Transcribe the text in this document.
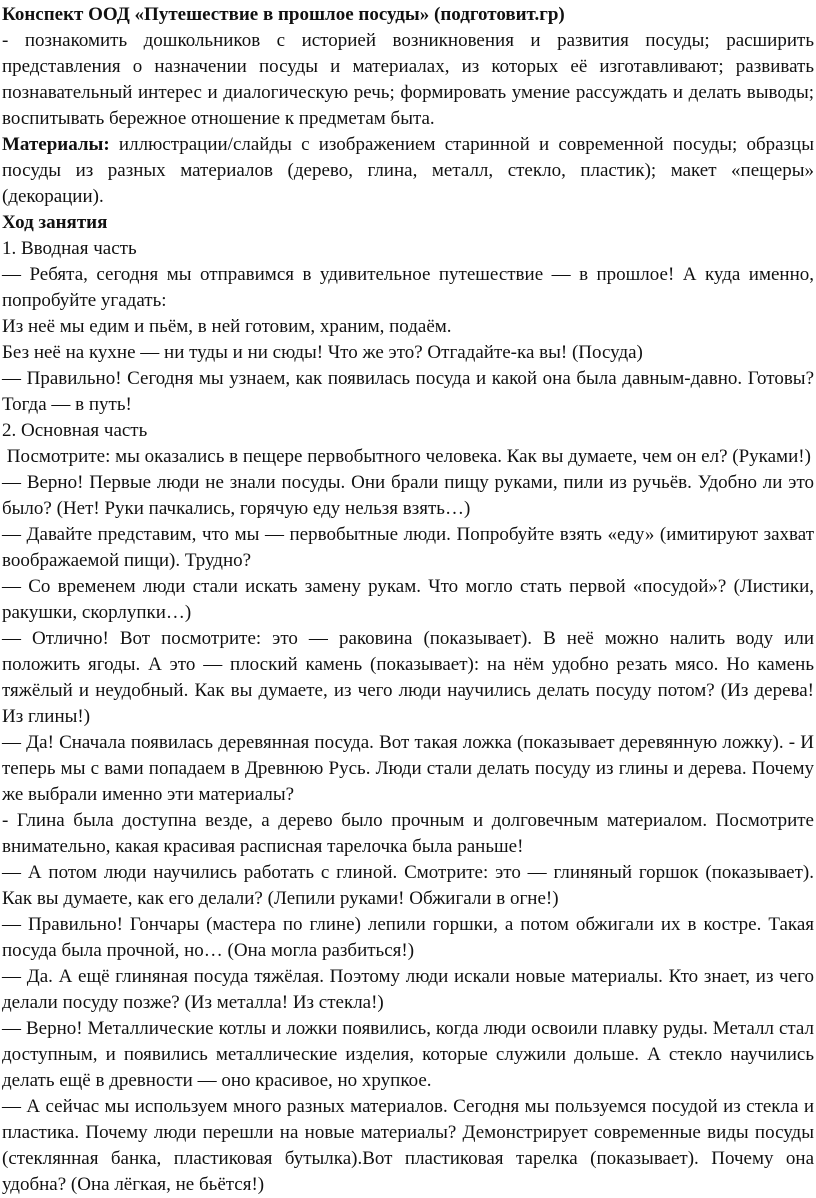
Конспект ООД «Путешествие в прошлое посуды» (подготовит.гр)

- познакомить дошкольников с историей возникновения и развития посуды; расширить представления о назначении посуды и материалах, из которых её изготавливают; развивать познавательный интерес и диалогическую речь; формировать умение рассуждать и делать выводы; воспитывать бережное отношение к предметам быта.

Материалы: иллюстрации/слайды с изображением старинной и современной посуды; образцы посуды из разных материалов (дерево, глина, металл, стекло, пластик); макет «пещеры» (декорации).

Ход занятия

1. Вводная часть

— Ребята, сегодня мы отправимся в удивительное путешествие — в прошлое! А куда именно, попробуйте угадать:

Из неё мы едим и пьём, в ней готовим, храним, подаём.

Без неё на кухне — ни туды и ни сюды! Что же это? Отгадайте-ка вы! (Посуда)

— Правильно! Сегодня мы узнаем, как появилась посуда и какой она была давным-давно. Готовы? Тогда — в путь!

2. Основная часть

Посмотрите: мы оказались в пещере первобытного человека. Как вы думаете, чем он ел? (Руками!)

— Верно! Первые люди не знали посуды. Они брали пищу руками, пили из ручьёв. Удобно ли это было? (Нет! Руки пачкались, горячую еду нельзя взять…)

— Давайте представим, что мы — первобытные люди. Попробуйте взять «еду» (имитируют захват воображаемой пищи). Трудно?

— Со временем люди стали искать замену рукам. Что могло стать первой «посудой»? (Листики, ракушки, скорлупки…)

— Отлично! Вот посмотрите: это — раковина (показывает). В неё можно налить воду или положить ягоды. А это — плоский камень (показывает): на нём удобно резать мясо. Но камень тяжёлый и неудобный. Как вы думаете, из чего люди научились делать посуду потом? (Из дерева! Из глины!)

— Да! Сначала появилась деревянная посуда. Вот такая ложка (показывает деревянную ложку). - И теперь мы с вами попадаем в Древнюю Русь. Люди стали делать посуду из глины и дерева. Почему же выбрали именно эти материалы?

- Глина была доступна везде, а дерево было прочным и долговечным материалом. Посмотрите внимательно, какая красивая расписная тарелочка была раньше!

— А потом люди научились работать с глиной. Смотрите: это — глиняный горшок (показывает). Как вы думаете, как его делали? (Лепили руками! Обжигали в огне!)

— Правильно! Гончары (мастера по глине) лепили горшки, а потом обжигали их в костре. Такая посуда была прочной, но… (Она могла разбиться!)

— Да. А ещё глиняная посуда тяжёлая. Поэтому люди искали новые материалы. Кто знает, из чего делали посуду позже? (Из металла! Из стекла!)

— Верно! Металлические котлы и ложки появились, когда люди освоили плавку руды. Металл стал доступным, и появились металлические изделия, которые служили дольше. А стекло научились делать ещё в древности — оно красивое, но хрупкое.

— А сейчас мы используем много разных материалов. Сегодня мы пользуемся посудой из стекла и пластика. Почему люди перешли на новые материалы? Демонстрирует современные виды посуды (стеклянная банка, пластиковая бутылка).Вот пластиковая тарелка (показывает). Почему она удобна? (Она лёгкая, не бьётся!)
